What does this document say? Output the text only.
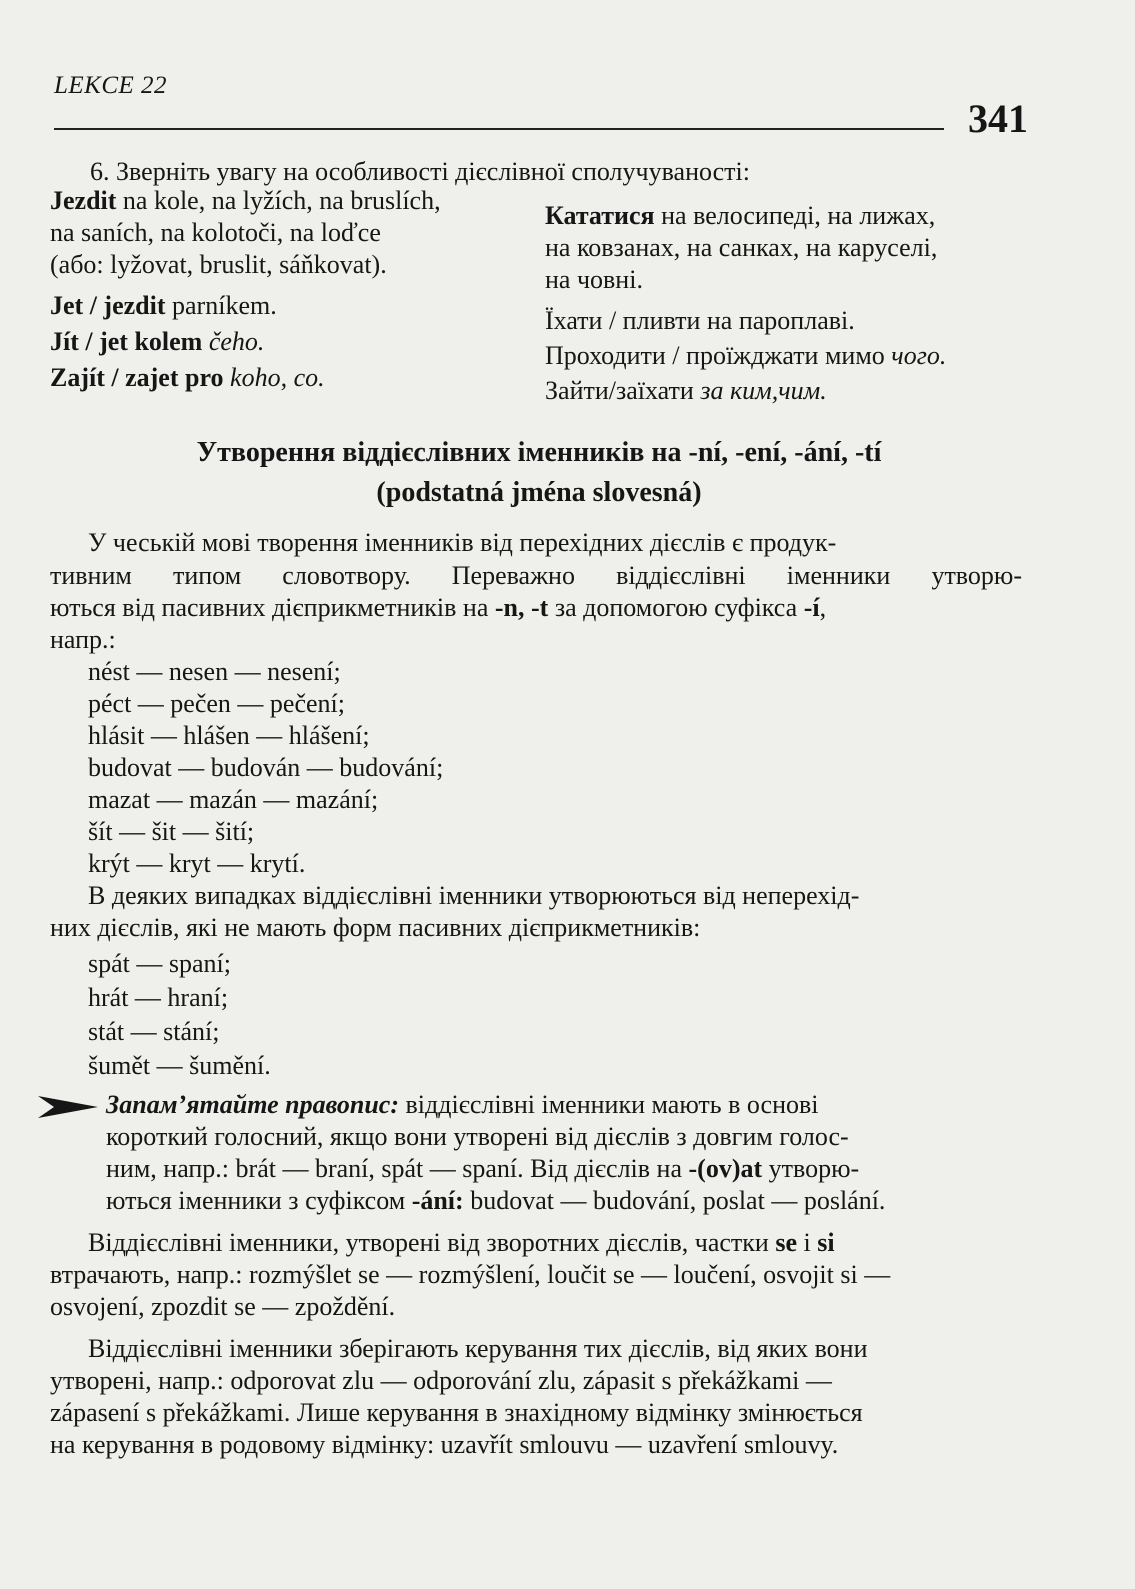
LEKCE 22
341
6. Зверніть увагу на особливості дієслівної сполучуваності:
Jezdit na kole, na lyžích, na bruslích,
na saních, na kolotoči, na loďce
(або: lyžovat, bruslit, sáňkovat).
Jet / jezdit parníkem.
Jít / jet kolem čeho.
Zajít / zajet pro koho, co.
Кататися на велосипеді, на лижах,
на ковзанах, на санках, на каруселі,
на човні.
Їхати / пливти на пароплаві.
Проходити / проїжджати мимо чого.
Зайти/заїхати за ким,чим.
Утворення віддієслівних іменників на -ní, -ení, -ání, -tí
(podstatná jména slovesná)
У чеській мові творення іменників від перехідних дієслів є продук-
тивним типом словотвору. Переважно віддієслівні іменники утворю-
ються від пасивних дієприкметників на -n, -t за допомогою суфікса -í,
напр.:
nést — nesen — nesení;
péct — pečen — pečení;
hlásit — hlášen — hlášení;
budovat — budován — budování;
mazat — mazán — mazání;
šít — šit — šití;
krýt — kryt — krytí.
В деяких випадках віддієслівні іменники утворюються від неперехід-
них дієслів, які не мають форм пасивних дієприкметників:
spát — spaní;
hrát — hraní;
stát — stání;
šumět — šumění.
Запам’ятайте правопис: віддієслівні іменники мають в основі
короткий голосний, якщо вони утворені від дієслів з довгим голос-
ним, напр.: brát — braní, spát — spaní. Від дієслів на -(ov)at утворю-
ються іменники з суфіксом -ání: budovat — budování, poslat — poslání.
Віддієслівні іменники, утворені від зворотних дієслів, частки se і si
втрачають, напр.: rozmýšlet se — rozmýšlení, loučit se — loučení, osvojit si —
osvojení, zpozdit se — zpoždění.
Віддієслівні іменники зберігають керування тих дієслів, від яких вони
утворені, напр.: odporovat zlu — odporování zlu, zápasit s překážkami —
zápasení s překážkami. Лише керування в знахідному відмінку змінюється
на керування в родовому відмінку: uzavřít smlouvu — uzavření smlouvy.
